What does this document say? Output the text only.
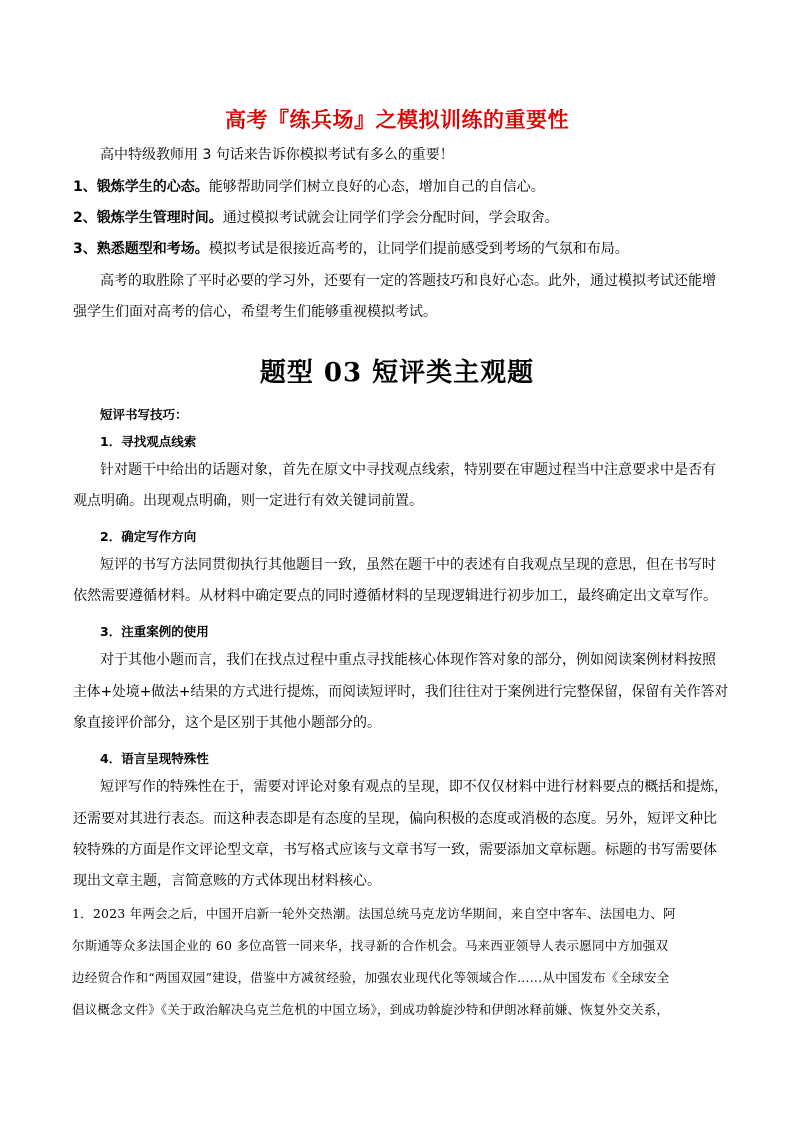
高考『练兵场』之模拟训练的重要性
高中特级教师用 3 句话来告诉你模拟考试有多么的重要！
1、锻炼学生的心态。能够帮助同学们树立良好的心态，增加自己的自信心。
2、锻炼学生管理时间。通过模拟考试就会让同学们学会分配时间，学会取舍。
3、熟悉题型和考场。模拟考试是很接近高考的，让同学们提前感受到考场的气氛和布局。
高考的取胜除了平时必要的学习外，还要有一定的答题技巧和良好心态。此外，通过模拟考试还能增
强学生们面对高考的信心，希望考生们能够重视模拟考试。
题型 03 短评类主观题
短评书写技巧：
1．寻找观点线索
针对题干中给出的话题对象，首先在原文中寻找观点线索，特别要在审题过程当中注意要求中是否有
观点明确。出现观点明确，则一定进行有效关键词前置。
2．确定写作方向
短评的书写方法同贯彻执行其他题目一致，虽然在题干中的表述有自我观点呈现的意思，但在书写时
依然需要遵循材料。从材料中确定要点的同时遵循材料的呈现逻辑进行初步加工，最终确定出文章写作。
3．注重案例的使用
对于其他小题而言，我们在找点过程中重点寻找能核心体现作答对象的部分，例如阅读案例材料按照
主体+处境+做法+结果的方式进行提炼，而阅读短评时，我们往往对于案例进行完整保留，保留有关作答对
象直接评价部分，这个是区别于其他小题部分的。
4．语言呈现特殊性
短评写作的特殊性在于，需要对评论对象有观点的呈现，即不仅仅材料中进行材料要点的概括和提炼，
还需要对其进行表态。而这种表态即是有态度的呈现，偏向积极的态度或消极的态度。另外，短评文种比
较特殊的方面是作文评论型文章，书写格式应该与文章书写一致，需要添加文章标题。标题的书写需要体
现出文章主题，言简意赅的方式体现出材料核心。
1．2023 年两会之后，中国开启新一轮外交热潮。法国总统马克龙访华期间，来自空中客车、法国电力、阿
尔斯通等众多法国企业的 60 多位高管一同来华，找寻新的合作机会。马来西亚领导人表示愿同中方加强双
边经贸合作和“两国双园”建设，借鉴中方减贫经验，加强农业现代化等领域合作……从中国发布《全球安全
倡议概念文件》《关于政治解决乌克兰危机的中国立场》，到成功斡旋沙特和伊朗冰释前嫌、恢复外交关系，
